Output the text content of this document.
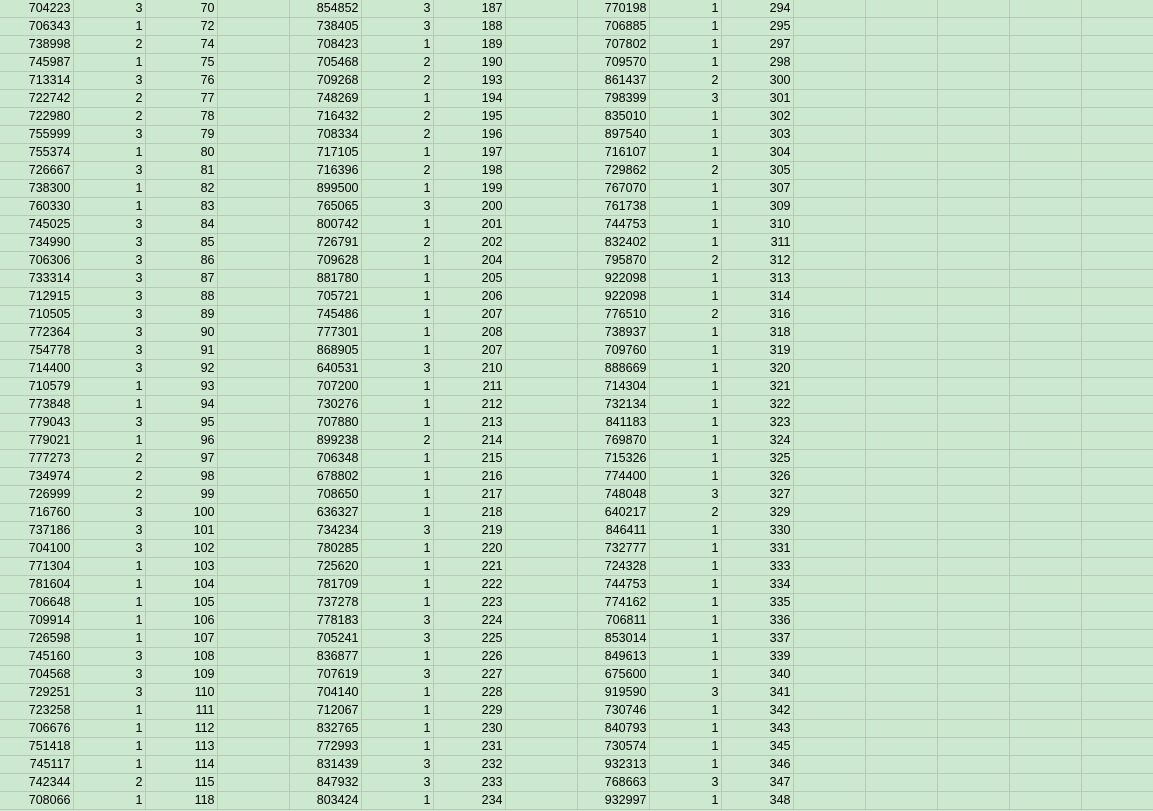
704223	3	70		854852	3	187		770198	1	294					
706343	1	72		738405	3	188		706885	1	295					
738998	2	74		708423	1	189		707802	1	297					
745987	1	75		705468	2	190		709570	1	298					
713314	3	76		709268	2	193		861437	2	300					
722742	2	77		748269	1	194		798399	3	301					
722980	2	78		716432	2	195		835010	1	302					
755999	3	79		708334	2	196		897540	1	303					
755374	1	80		717105	1	197		716107	1	304					
726667	3	81		716396	2	198		729862	2	305					
738300	1	82		899500	1	199		767070	1	307					
760330	1	83		765065	3	200		761738	1	309					
745025	3	84		800742	1	201		744753	1	310					
734990	3	85		726791	2	202		832402	1	311					
706306	3	86		709628	1	204		795870	2	312					
733314	3	87		881780	1	205		922098	1	313					
712915	3	88		705721	1	206		922098	1	314					
710505	3	89		745486	1	207		776510	2	316					
772364	3	90		777301	1	208		738937	1	318					
754778	3	91		868905	1	207		709760	1	319					
714400	3	92		640531	3	210		888669	1	320					
710579	1	93		707200	1	211		714304	1	321					
773848	1	94		730276	1	212		732134	1	322					
779043	3	95		707880	1	213		841183	1	323					
779021	1	96		899238	2	214		769870	1	324					
777273	2	97		706348	1	215		715326	1	325					
734974	2	98		678802	1	216		774400	1	326					
726999	2	99		708650	1	217		748048	3	327					
716760	3	100		636327	1	218		640217	2	329					
737186	3	101		734234	3	219		846411	1	330					
704100	3	102		780285	1	220		732777	1	331					
771304	1	103		725620	1	221		724328	1	333					
781604	1	104		781709	1	222		744753	1	334					
706648	1	105		737278	1	223		774162	1	335					
709914	1	106		778183	3	224		706811	1	336					
726598	1	107		705241	3	225		853014	1	337					
745160	3	108		836877	1	226		849613	1	339					
704568	3	109		707619	3	227		675600	1	340					
729251	3	110		704140	1	228		919590	3	341					
723258	1	111		712067	1	229		730746	1	342					
706676	1	112		832765	1	230		840793	1	343					
751418	1	113		772993	1	231		730574	1	345					
745117	1	114		831439	3	232		932313	1	346					
742344	2	115		847932	3	233		768663	3	347					
708066	1	118		803424	1	234		932997	1	348					
